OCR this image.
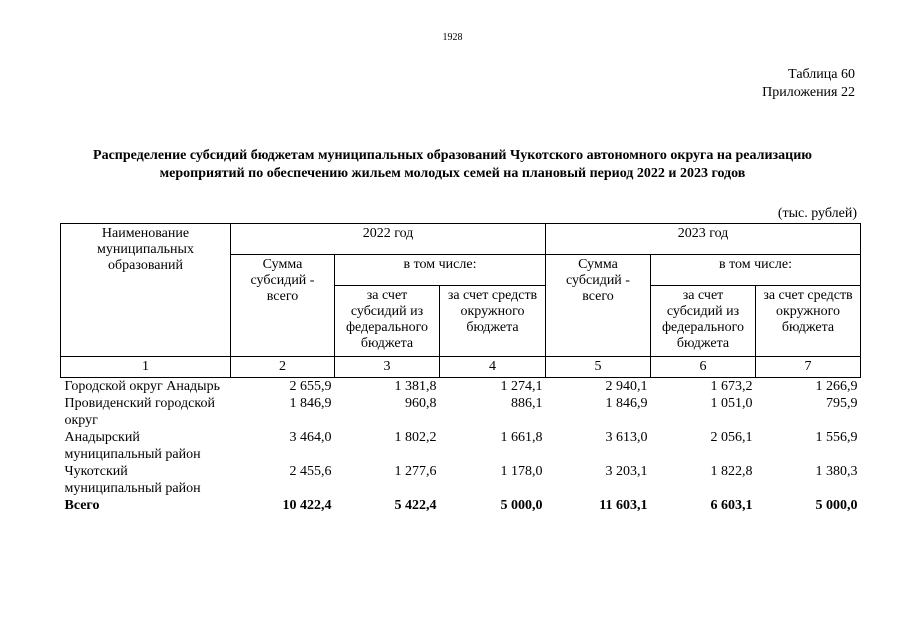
1928
Таблица 60
Приложения 22
Распределение субсидий бюджетам муниципальных образований Чукотского автономного округа на реализацию
мероприятий по обеспечению жильем молодых семей на плановый период 2022 и 2023 годов
(тыс. рублей)
Наименование муниципальных образований	2022 год			2023 год		
	Сумма субсидий - всего	в том числе:		Сумма субсидий - всего	в том числе:	
		за счет субсидий из федерального бюджета	за счет средств окружного бюджета		за счет субсидий из федерального бюджета	за счет средств окружного бюджета
1	2	3	4	5	6	7
Городской округ Анадырь	2 655,9	1 381,8	1 274,1	2 940,1	1 673,2	1 266,9
Провиденский городской округ	1 846,9	960,8	886,1	1 846,9	1 051,0	795,9
Анадырский муниципальный район	3 464,0	1 802,2	1 661,8	3 613,0	2 056,1	1 556,9
Чукотский муниципальный район	2 455,6	1 277,6	1 178,0	3 203,1	1 822,8	1 380,3
Всего	10 422,4	5 422,4	5 000,0	11 603,1	6 603,1	5 000,0
